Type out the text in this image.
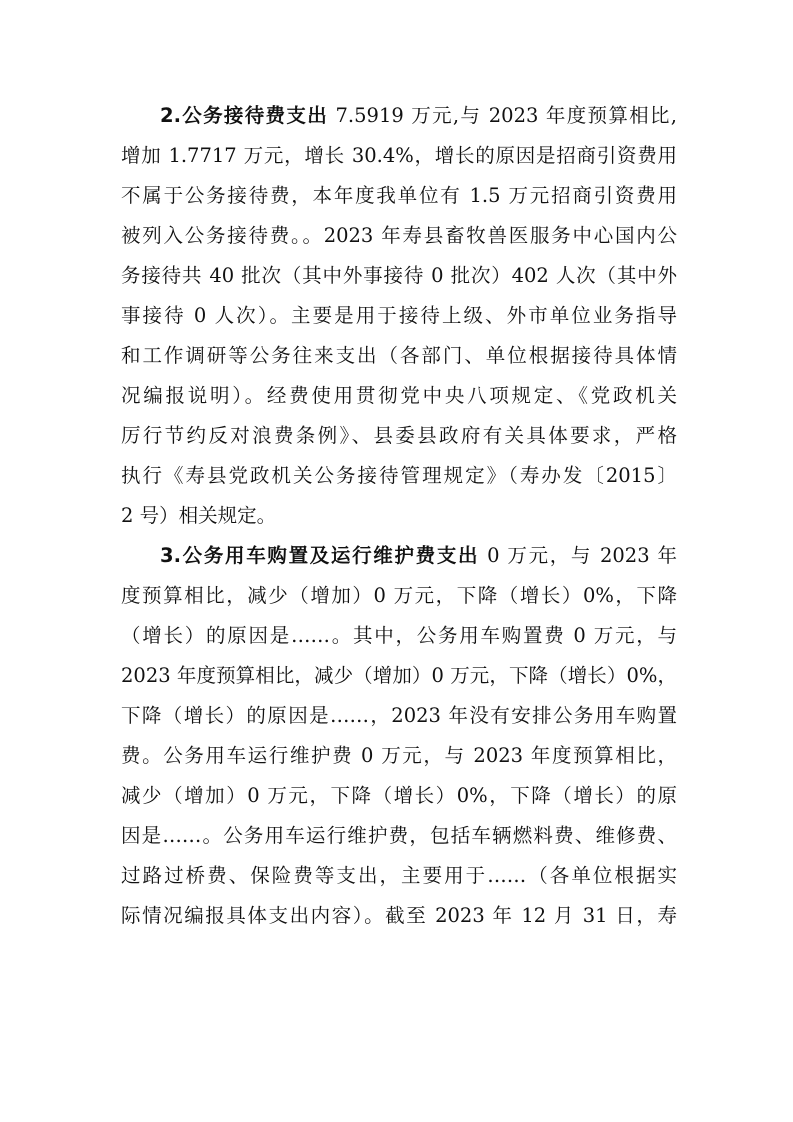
2.公务接待费支出 7.5919 万元,与 2023 年度预算相比,
增加 1.7717 万元，增长 30.4%，增长的原因是招商引资费用
不属于公务接待费，本年度我单位有 1.5 万元招商引资费用
被列入公务接待费。。2023 年寿县畜牧兽医服务中心国内公
务接待共 40 批次（其中外事接待 0 批次）402 人次（其中外
事接待 0 人次）。主要是用于接待上级、外市单位业务指导
和工作调研等公务往来支出（各部门、单位根据接待具体情
况编报说明）。经费使用贯彻党中央八项规定、《党政机关
厉行节约反对浪费条例》、县委县政府有关具体要求，严格
执行《寿县党政机关公务接待管理规定》（寿办发〔2015〕
2 号）相关规定。
3.公务用车购置及运行维护费支出 0 万元，与 2023 年
度预算相比，减少（增加）0 万元，下降（增长）0%，下降
（增长）的原因是……。其中，公务用车购置费 0 万元，与
2023 年度预算相比，减少（增加）0 万元，下降（增长）0%，
下降（增长）的原因是……，2023 年没有安排公务用车购置
费。公务用车运行维护费 0 万元，与 2023 年度预算相比，
减少（增加）0 万元，下降（增长）0%，下降（增长）的原
因是……。公务用车运行维护费，包括车辆燃料费、维修费、
过路过桥费、保险费等支出，主要用于……（各单位根据实
际情况编报具体支出内容）。截至 2023 年 12 月 31 日，寿
